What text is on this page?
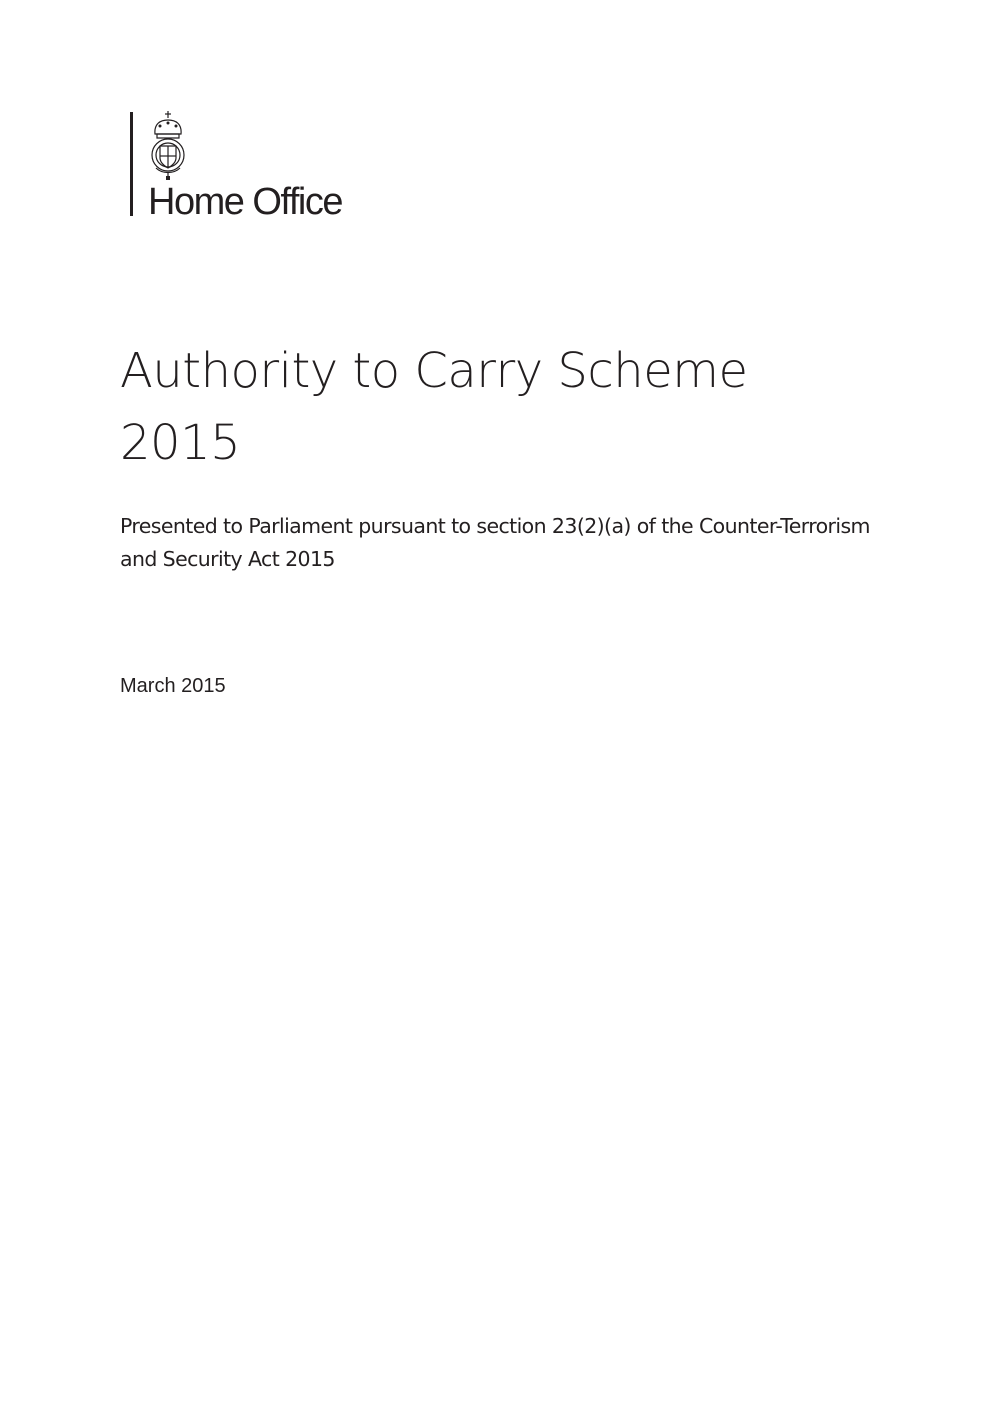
Home Office
Authority to Carry Scheme 2015

Presented to Parliament pursuant to section 23(2)(a) of the Counter-Terrorism and Security Act 2015

March 2015
